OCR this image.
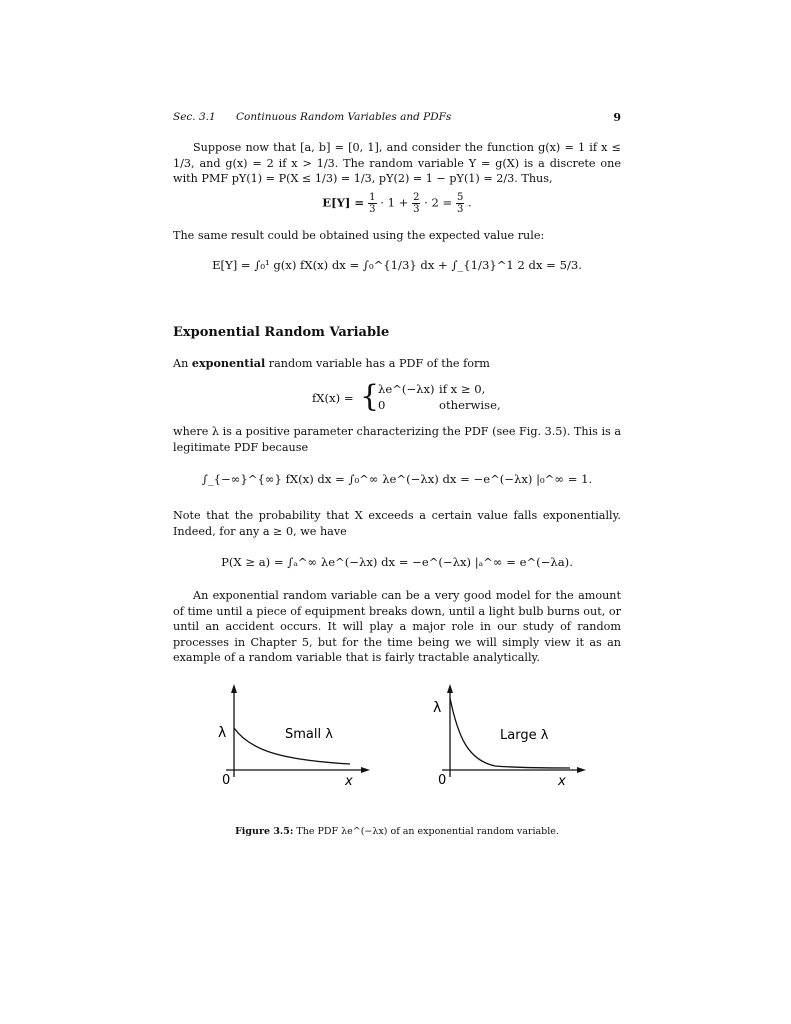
Sec. 3.1 Continuous Random Variables and PDFs	9
Suppose now that [a, b] = [0, 1], and consider the function g(x) = 1 if x ≤ 1/3, and g(x) = 2 if x > 1/3. The random variable Y = g(X) is a discrete one with PMF pY(1) = P(X ≤ 1/3) = 1/3, pY(2) = 1 − pY(1) = 2/3. Thus,
$E[Y] = \frac{1}{3} \cdot 1 + \frac{2}{3} \cdot 2 = \frac{5}{3}$ .
The same result could be obtained using the expected value rule:
E[Y] = ∫₀¹ g(x) fX(x) dx = ∫₀^{1/3} dx + ∫_{1/3}^1 2 dx = 5/3.
Exponential Random Variable
An exponential random variable has a PDF of the form
fX(x) = {
λe^(−λx) if x ≥ 0,
0	otherwise,
where λ is a positive parameter characterizing the PDF (see Fig. 3.5). This is a legitimate PDF because
∫_{−∞}^{∞} fX(x) dx = ∫₀^∞ λe^(−λx) dx = −e^(−λx) |₀^∞ = 1.
Note that the probability that X exceeds a certain value falls exponentially. Indeed, for any a ≥ 0, we have
P(X ≥ a) = ∫ₐ^∞ λe^(−λx) dx = −e^(−λx) |ₐ^∞ = e^(−λa).
An exponential random variable can be a very good model for the amount of time until a piece of equipment breaks down, until a light bulb burns out, or until an accident occurs. It will play a major role in our study of random processes in Chapter 5, but for the time being we will simply view it as an example of a random variable that is fairly tractable analytically.
λ	Small λ
0	x
λ
Large λ
0	x
Figure 3.5: The PDF λe^(−λx) of an exponential random variable.
